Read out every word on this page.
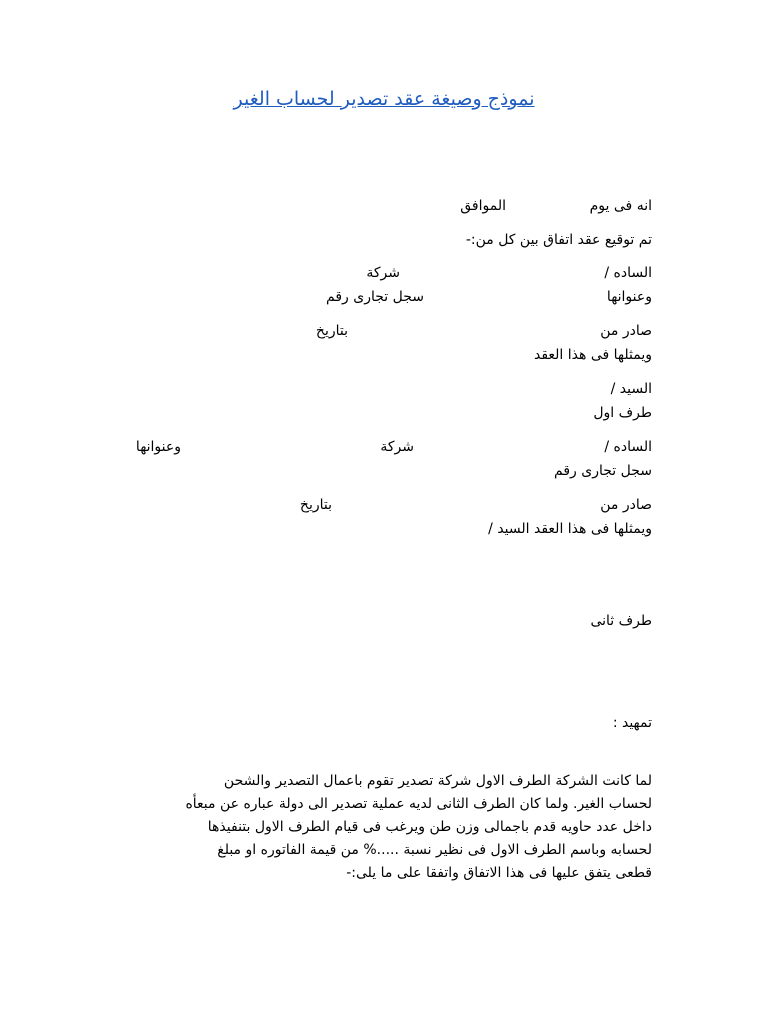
نموذج وصيغة عقد تصدير لحساب الغير
انه فى يوم
الموافق
تم توقيع عقد اتفاق بين كل من:-
الساده /
شركة
وعنوانها
سجل تجارى رقم
صادر من
بتاريخ
ويمثلها فى هذا العقد
السيد /
طرف اول
الساده /
شركة
وعنوانها
سجل تجارى رقم
صادر من
بتاريخ
ويمثلها فى هذا العقد السيد /
طرف ثانى
تمهيد :
لما كانت الشركة الطرف الاول شركة تصدير تقوم باعمال التصدير والشحن
لحساب الغير. ولما كان الطرف الثانى لديه عملية تصدير الى دولة عباره عن مبعأه
داخل عدد حاويه قدم باجمالى وزن طن ويرغب فى قيام الطرف الاول بتنفيذها
لحسابه وباسم الطرف الاول فى نظير نسبة .....% من قيمة الفاتوره او مبلغ
قطعى يتفق عليها فى هذا الاتفاق واتفقا على ما يلى:-
